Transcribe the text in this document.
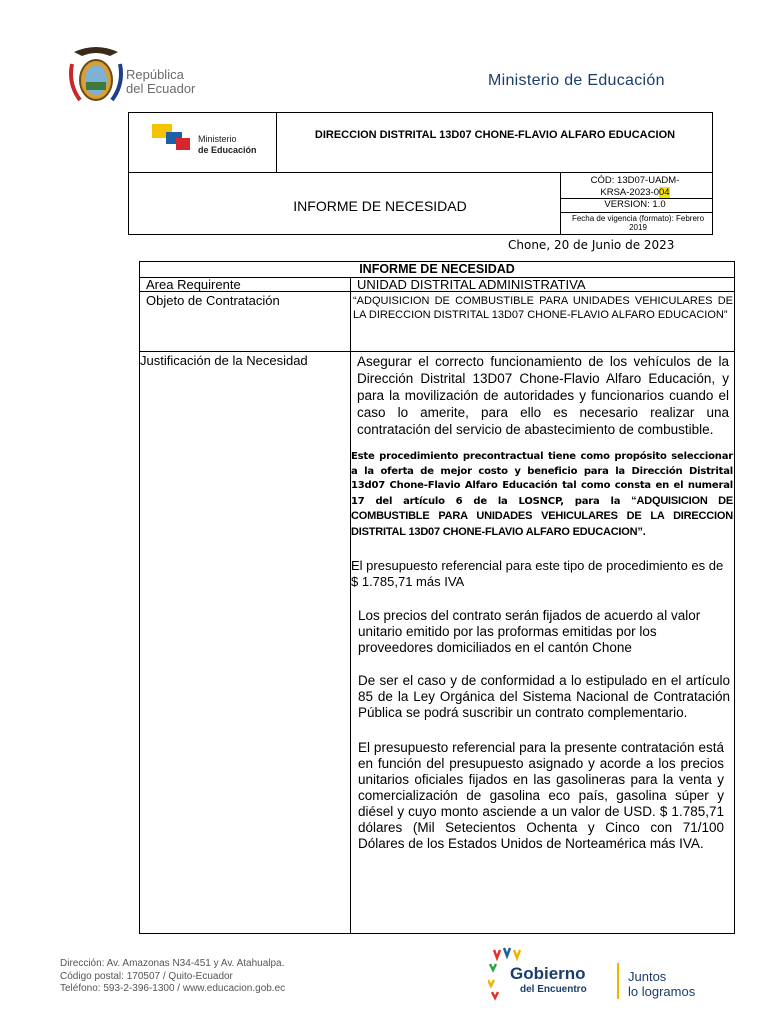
República
del Ecuador	Ministerio de Educación
Ministerio
de Educación
DIRECCION DISTRITAL 13D07 CHONE-FLAVIO ALFARO EDUCACION
INFORME DE NECESIDAD
CÓD: 13D07-UADM-
KRSA-2023-004
VERSION: 1.0
Fecha de vigencia (formato): Febrero 2019
Chone, 20 de Junio de 2023
INFORME DE NECESIDAD
Area Requirente	UNIDAD DISTRITAL ADMINISTRATIVA
Objeto de Contratación	“ADQUISICION DE COMBUSTIBLE PARA UNIDADES VEHICULARES DE LA DIRECCION DISTRITAL 13D07 CHONE-FLAVIO ALFARO EDUCACION”
Justificación de la Necesidad	Asegurar el correcto funcionamiento de los vehículos de la Dirección Distrital 13D07 Chone-Flavio Alfaro Educación, y para la movilización de autoridades y funcionarios cuando el caso lo amerite, para ello es necesario realizar una contratación del servicio de abastecimiento de combustible.
Este procedimiento precontractual tiene como propósito seleccionar a la oferta de mejor costo y beneficio para la Dirección Distrital 13d07 Chone-Flavio Alfaro Educación tal como consta en el numeral 17 del artículo 6 de la LOSNCP, para la “ADQUISICION DE COMBUSTIBLE PARA UNIDADES VEHICULARES DE LA DIRECCION DISTRITAL 13D07 CHONE-FLAVIO ALFARO EDUCACION”.
El presupuesto referencial para este tipo de procedimiento es de $ 1.785,71 más IVA
Los precios del contrato serán fijados de acuerdo al valor unitario emitido por las proformas emitidas por los proveedores domiciliados en el cantón Chone
De ser el caso y de conformidad a lo estipulado en el artículo 85 de la Ley Orgánica del Sistema Nacional de Contratación Pública se podrá suscribir un contrato complementario.
El presupuesto referencial para la presente contratación está en función del presupuesto asignado y acorde a los precios unitarios oficiales fijados en las gasolineras para la venta y comercialización de gasolina eco país, gasolina súper y diésel y cuyo monto asciende a un valor de USD. $ 1.785,71 dólares (Mil Setecientos Ochenta y Cinco con 71/100 Dólares de los Estados Unidos de Norteamérica más IVA.
Dirección: Av. Amazonas N34-451 y Av. Atahualpa.
Código postal: 170507 / Quito-Ecuador
Teléfono: 593-2-396-1300 / www.educacion.gob.ec
Gobierno
del Encuentro
Juntos
lo logramos
